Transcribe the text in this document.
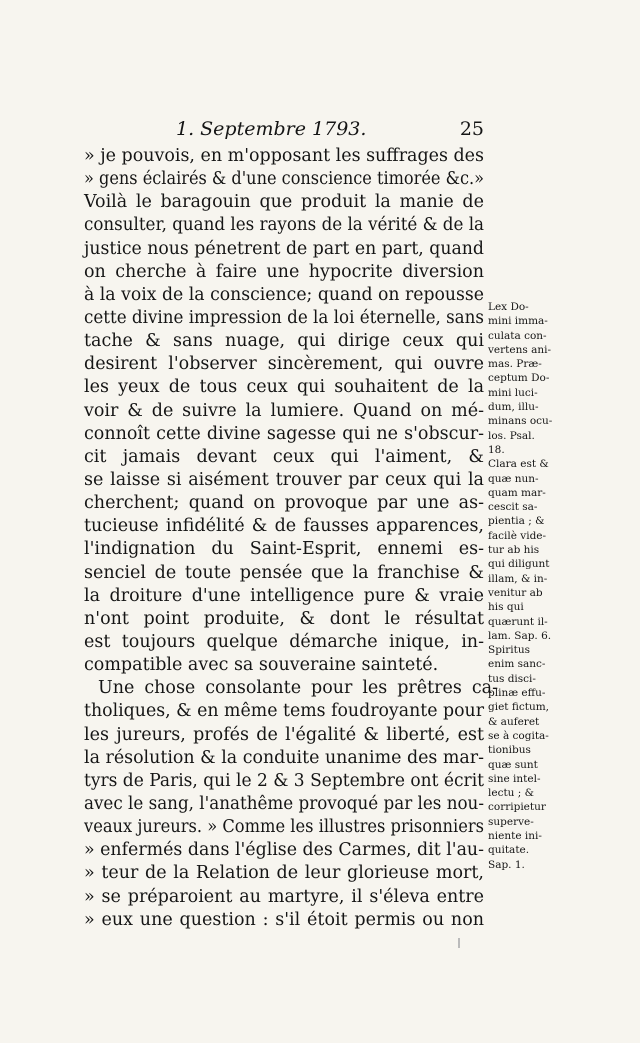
1. Septembre 1793.	25
» je pouvois, en m'opposant les suffrages des
» gens éclairés & d'une conscience timorée &c.»
Voilà le baragouin que produit la manie de
consulter, quand les rayons de la vérité & de la
justice nous pénetrent de part en part, quand
on cherche à faire une hypocrite diversion
à la voix de la conscience; quand on repousse
cette divine impression de la loi éternelle, sans
tache & sans nuage, qui dirige ceux qui
desirent l'observer sincèrement, qui ouvre
les yeux de tous ceux qui souhaitent de la
voir & de suivre la lumiere. Quand on mé-
connoît cette divine sagesse qui ne s'obscur-
cit jamais devant ceux qui l'aiment, &
se laisse si aisément trouver par ceux qui la
cherchent; quand on provoque par une as-
tucieuse infidélité & de fausses apparences,
l'indignation du Saint-Esprit, ennemi es-
senciel de toute pensée que la franchise &
la droiture d'une intelligence pure & vraie
n'ont point produite, & dont le résultat
est toujours quelque démarche inique, in-
compatible avec sa souveraine sainteté.
Une chose consolante pour les prêtres ca-
tholiques, & en même tems foudroyante pour
les jureurs, profés de l'égalité & liberté, est
la résolution & la conduite unanime des mar-
tyrs de Paris, qui le 2 & 3 Septembre ont écrit
avec le sang, l'anathême provoqué par les nou-
veaux jureurs. » Comme les illustres prisonniers
» enfermés dans l'église des Carmes, dit l'au-
» teur de la Relation de leur glorieuse mort,
» se préparoient au martyre, il s'éleva entre
» eux une question : s'il étoit permis ou non
Lex Do-
mini imma-
culata con-
vertens ani-
mas. Præ-
ceptum Do-
mini luci-
dum, illu-
minans ocu-
los. Psal.
18.
Clara est &
quæ nun-
quam mar-
cescit sa-
pientia ; &
facilè vide-
tur ab his
qui diligunt
illam, & in-
venitur ab
his qui
quærunt il-
lam. Sap. 6.
Spiritus
enim sanc-
tus disci-
plinæ effu-
giet fictum,
& auferet
se à cogita-
tionibus
quæ sunt
sine intel-
lectu ; &
corripietur
superve-
niente ini-
quitate.
Sap. 1.
